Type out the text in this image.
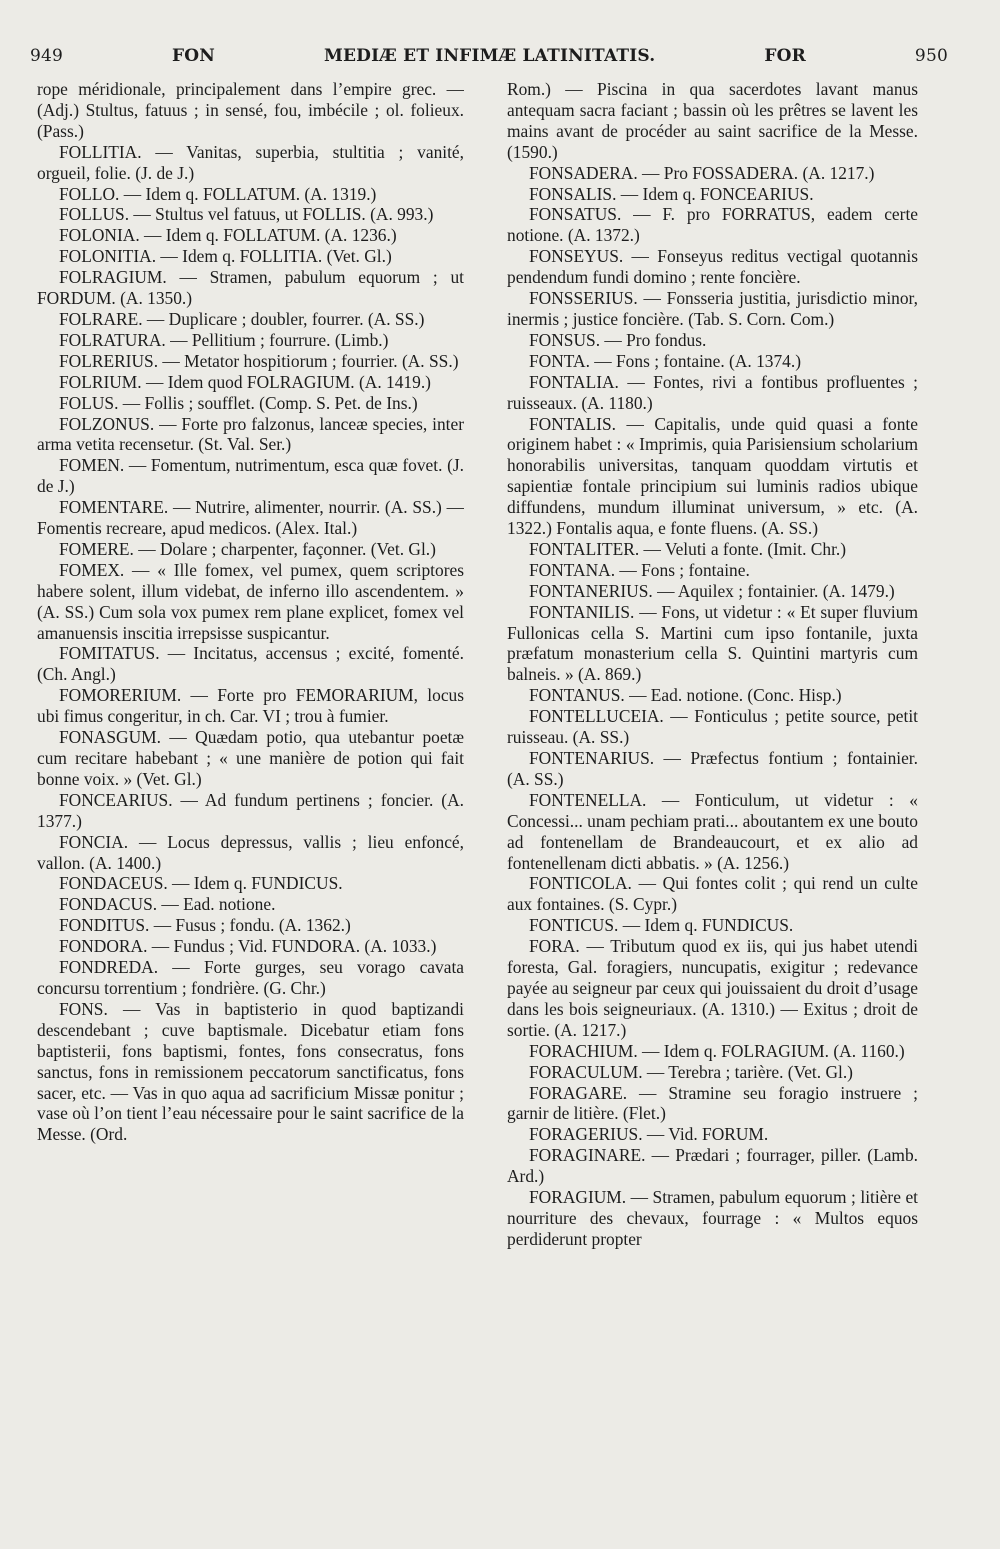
949	FON	MEDIÆ ET INFIMÆ LATINITATIS.	FOR	950

rope méridionale, principalement dans l’empire grec. — (Adj.) Stultus, fatuus ; in sensé, fou, imbécile ; ol. folieux. (Pass.)

FOLLITIA. — Vanitas, superbia, stultitia ; vanité, orgueil, folie. (J. de J.)

FOLLO. — Idem q. FOLLATUM. (A. 1319.)

FOLLUS. — Stultus vel fatuus, ut FOLLIS. (A. 993.)

FOLONIA. — Idem q. FOLLATUM. (A. 1236.)

FOLONITIA. — Idem q. FOLLITIA. (Vet. Gl.)

FOLRAGIUM. — Stramen, pabulum equorum ; ut FORDUM. (A. 1350.)

FOLRARE. — Duplicare ; doubler, fourrer. (A. SS.)

FOLRATURA. — Pellitium ; fourrure. (Limb.)

FOLRERIUS. — Metator hospitiorum ; fourrier. (A. SS.)

FOLRIUM. — Idem quod FOLRAGIUM. (A. 1419.)

FOLUS. — Follis ; soufflet. (Comp. S. Pet. de Ins.)

FOLZONUS. — Forte pro falzonus, lanceæ species, inter arma vetita recensetur. (St. Val. Ser.)

FOMEN. — Fomentum, nutrimentum, esca quæ fovet. (J. de J.)

FOMENTARE. — Nutrire, alimenter, nourrir. (A. SS.) — Fomentis recreare, apud medicos. (Alex. Ital.)

FOMERE. — Dolare ; charpenter, façonner. (Vet. Gl.)

FOMEX. — « Ille fomex, vel pumex, quem scriptores habere solent, illum videbat, de inferno illo ascendentem. » (A. SS.) Cum sola vox pumex rem plane explicet, fomex vel amanuensis inscitia irrepsisse suspicantur.

FOMITATUS. — Incitatus, accensus ; excité, fomenté. (Ch. Angl.)

FOMORERIUM. — Forte pro FEMORARIUM, locus ubi fimus congeritur, in ch. Car. VI ; trou à fumier.

FONASGUM. — Quædam potio, qua utebantur poetæ cum recitare habebant ; « une manière de potion qui fait bonne voix. » (Vet. Gl.)

FONCEARIUS. — Ad fundum pertinens ; foncier. (A. 1377.)

FONCIA. — Locus depressus, vallis ; lieu enfoncé, vallon. (A. 1400.)

FONDACEUS. — Idem q. FUNDICUS.

FONDACUS. — Ead. notione.

FONDITUS. — Fusus ; fondu. (A. 1362.)

FONDORA. — Fundus ; Vid. FUNDORA. (A. 1033.)

FONDREDA. — Forte gurges, seu vorago cavata concursu torrentium ; fondrière. (G. Chr.)

FONS. — Vas in baptisterio in quod baptizandi descendebant ; cuve baptismale. Dicebatur etiam fons baptisterii, fons baptismi, fontes, fons consecratus, fons sanctus, fons in remissionem peccatorum sanctificatus, fons sacer, etc. — Vas in quo aqua ad sacrificium Missæ ponitur ; vase où l’on tient l’eau nécessaire pour le saint sacrifice de la Messe. (Ord.

Rom.) — Piscina in qua sacerdotes lavant manus antequam sacra faciant ; bassin où les prêtres se lavent les mains avant de procéder au saint sacrifice de la Messe. (1590.)

FONSADERA. — Pro FOSSADERA. (A. 1217.)

FONSALIS. — Idem q. FONCEARIUS.

FONSATUS. — F. pro FORRATUS, eadem certe notione. (A. 1372.)

FONSEYUS. — Fonseyus reditus vectigal quotannis pendendum fundi domino ; rente foncière.

FONSSERIUS. — Fonsseria justitia, jurisdictio minor, inermis ; justice foncière. (Tab. S. Corn. Com.)

FONSUS. — Pro fondus.

FONTA. — Fons ; fontaine. (A. 1374.)

FONTALIA. — Fontes, rivi a fontibus profluentes ; ruisseaux. (A. 1180.)

FONTALIS. — Capitalis, unde quid quasi a fonte originem habet : « Imprimis, quia Parisiensium scholarium honorabilis universitas, tanquam quoddam virtutis et sapientiæ fontale principium sui luminis radios ubique diffundens, mundum illuminat universum, » etc. (A. 1322.) Fontalis aqua, e fonte fluens. (A. SS.)

FONTALITER. — Veluti a fonte. (Imit. Chr.)

FONTANA. — Fons ; fontaine.

FONTANERIUS. — Aquilex ; fontainier. (A. 1479.)

FONTANILIS. — Fons, ut videtur : « Et super fluvium Fullonicas cella S. Martini cum ipso fontanile, juxta præfatum monasterium cella S. Quintini martyris cum balneis. » (A. 869.)

FONTANUS. — Ead. notione. (Conc. Hisp.)

FONTELLUCEIA. — Fonticulus ; petite source, petit ruisseau. (A. SS.)

FONTENARIUS. — Præfectus fontium ; fontainier. (A. SS.)

FONTENELLA. — Fonticulum, ut videtur : « Concessi... unam pechiam prati... aboutantem ex une bouto ad fontenellam de Brandeaucourt, et ex alio ad fontenellenam dicti abbatis. » (A. 1256.)

FONTICOLA. — Qui fontes colit ; qui rend un culte aux fontaines. (S. Cypr.)

FONTICUS. — Idem q. FUNDICUS.

FORA. — Tributum quod ex iis, qui jus habet utendi foresta, Gal. foragiers, nuncupatis, exigitur ; redevance payée au seigneur par ceux qui jouissaient du droit d’usage dans les bois seigneuriaux. (A. 1310.) — Exitus ; droit de sortie. (A. 1217.)

FORACHIUM. — Idem q. FOLRAGIUM. (A. 1160.)

FORACULUM. — Terebra ; tarière. (Vet. Gl.)

FORAGARE. — Stramine seu foragio instruere ; garnir de litière. (Flet.)

FORAGERIUS. — Vid. FORUM.

FORAGINARE. — Prædari ; fourrager, piller. (Lamb. Ard.)

FORAGIUM. — Stramen, pabulum equorum ; litière et nourriture des chevaux, fourrage : « Multos equos perdiderunt propter
